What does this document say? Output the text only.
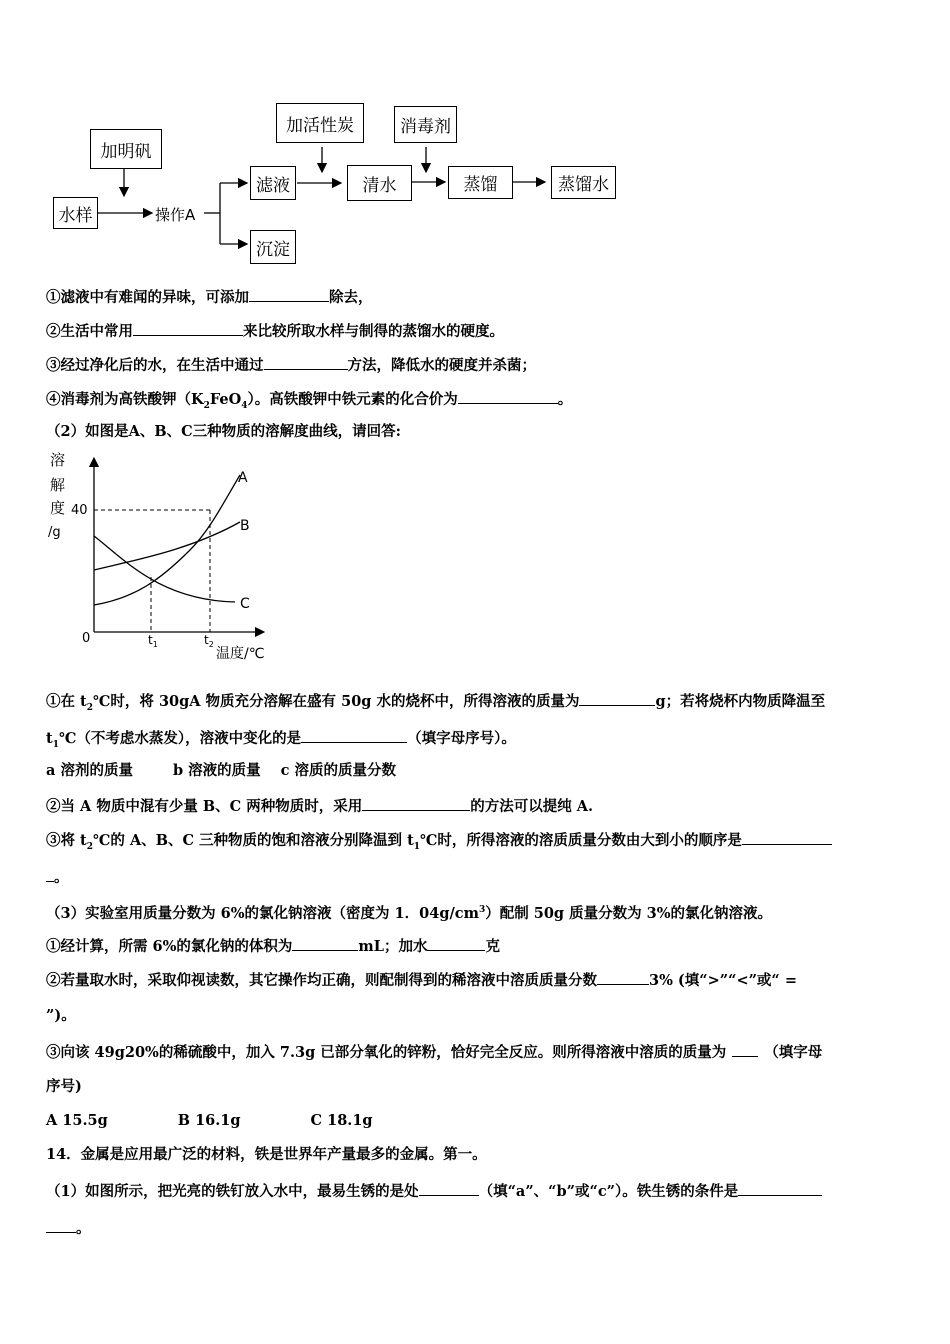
水样
加明矾
操作A
滤液
沉淀
加活性炭
清水
消毒剂
蒸馏	蒸馏水
①滤液中有难闻的异味，可添加	除去，
②生活中常用	来比较所取水样与制得的蒸馏水的硬度。
③经过净化后的水，在生活中通过	方法，降低水的硬度并杀菌；
④消毒剂为高铁酸钾$(K_2FeO_4)$。高铁酸钾中铁元素的化合价为	。
（2）如图是A、B、C三种物质的溶解度曲线，请回答:
溶
解
度
/g
40
0	$t_1$	$t_2$
温度/℃
A
B
C
①在 $t_2℃$时，将 30gA 物质充分溶解在盛有 50g 水的烧杯中，所得溶液的质量为	g；若将烧杯内物质降温至
$t_1℃$（不考虑水蒸发），溶液中变化的是	（填字母序号）。
a 溶剂的质量	b 溶液的质量 c 溶质的质量分数
②当 A 物质中混有少量 B、C 两种物质时，采用	的方法可以提纯 A.
③将 $t_2℃$的 A、B、C 三种物质的饱和溶液分别降温到 $t_1℃$时，所得溶液的溶质质量分数由大到小的顺序是
。
（3）实验室用质量分数为 6%的氯化钠溶液（密度为 1．$04g/cm^3$）配制 50g 质量分数为 3%的氯化钠溶液。
①经计算，所需 6%的氯化钠的体积为	mL；加水	克
②若量取水时，采取仰视读数，其它操作均正确，则配制得到的稀溶液中溶质质量分数	3% (填“>”“<”或“ =
”)。
③向该 49g20%的稀硫酸中，加入 7.3g 已部分氧化的锌粉，恰好完全反应。则所得溶液中溶质的质量为	（填字母
序号)
A 15.5g	B 16.1g	C 18.1g
14．金属是应用最广泛的材料，铁是世界年产量最多的金属。第一。
（1）如图所示，把光亮的铁钉放入水中，最易生锈的是处	（填“a”、“b”或“c”）。铁生锈的条件是
。
